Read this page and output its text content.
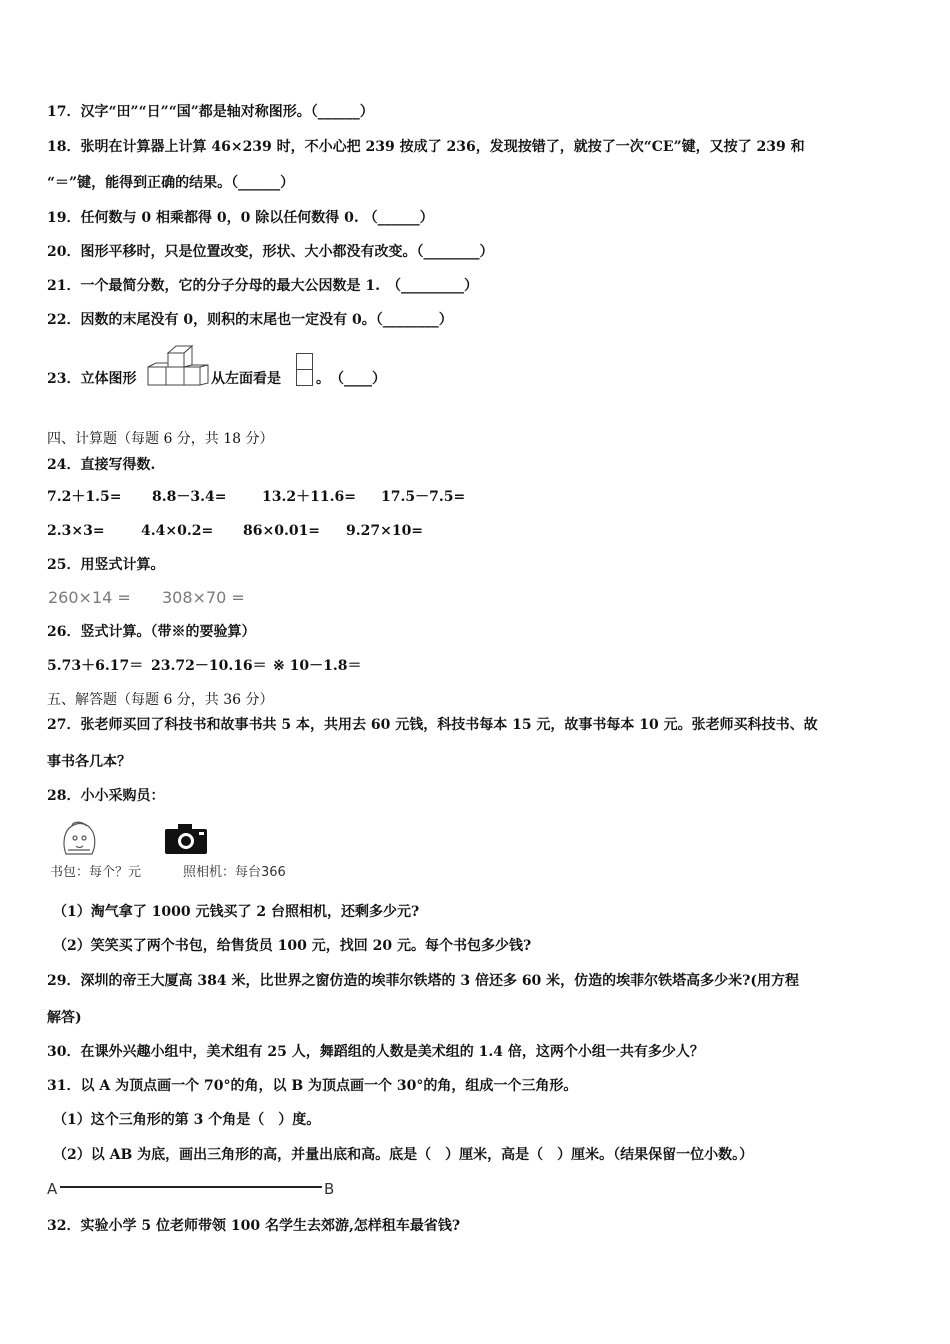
17．汉字“田”“日”“国”都是轴对称图形。（______）
18．张明在计算器上计算 46×239 时，不小心把 239 按成了 236，发现按错了，就按了一次“CE”键，又按了 239 和
“＝”键，能得到正确的结果。（______）
19．任何数与 0 相乘都得 0，0 除以任何数得 0. （______）
20．图形平移时，只是位置改变，形状、大小都没有改变。（________）
21．一个最简分数，它的分子分母的最大公因数是 1.　（_________）
22．因数的末尾没有 0，则积的末尾也一定没有 0。（________）
23．立体图形	从左面看是	。　（____）
四、计算题（每题 6 分，共 18 分）
24．直接写得数.
7.2＋1.5= 8.8－3.4=	13.2＋11.6= 17.5－7.5=
2.3×3=	4.4×0.2= 86×0.01= 9.27×10=
25．用竖式计算。
260×14 = 308×70 =
26．竖式计算。（带※的要验算）
5.73＋6.17＝ 23.72－10.16＝ ※ 10－1.8＝
五、解答题（每题 6 分，共 36 分）
27．张老师买回了科技书和故事书共 5 本，共用去 60 元钱，科技书每本 15 元，故事书每本 10 元。张老师买科技书、故
事书各几本？
28．小小采购员：
书包：每个？元	照相机：每台366
（1）淘气拿了 1000 元钱买了 2 台照相机，还剩多少元?
（2）笑笑买了两个书包，给售货员 100 元，找回 20 元。每个书包多少钱?
29．深圳的帝王大厦高 384 米，比世界之窗仿造的埃菲尔铁塔的 3 倍还多 60 米，仿造的埃菲尔铁塔高多少米?(用方程
解答)
30．在课外兴趣小组中，美术组有 25 人，舞蹈组的人数是美术组的 1.4 倍，这两个小组一共有多少人？
31．以 A 为顶点画一个 70°的角，以 B 为顶点画一个 30°的角，组成一个三角形。
（1）这个三角形的第 3 个角是（　）度。
（2）以 AB 为底，画出三角形的高，并量出底和高。底是（　）厘米，高是（　）厘米。（结果保留一位小数。）
A	B
32．实验小学 5 位老师带领 100 名学生去郊游,怎样租车最省钱?
